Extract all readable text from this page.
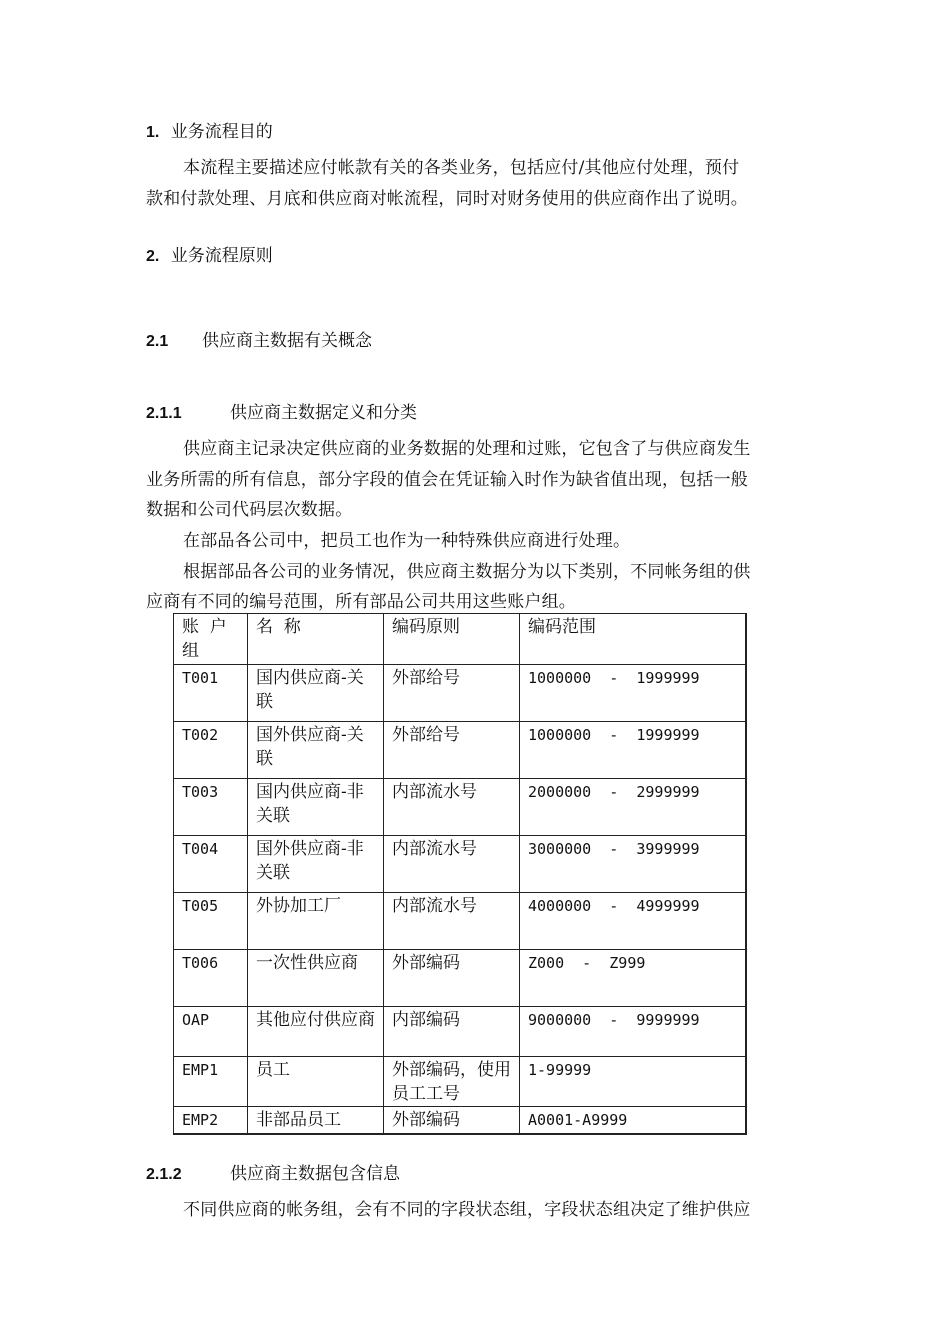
1. 业务流程目的
本流程主要描述应付帐款有关的各类业务，包括应付/其他应付处理，预付
款和付款处理、月底和供应商对帐流程，同时对财务使用的供应商作出了说明。
2. 业务流程原则
2.1 供应商主数据有关概念
2.1.1	供应商主数据定义和分类
供应商主记录决定供应商的业务数据的处理和过账，它包含了与供应商发生
业务所需的所有信息，部分字段的值会在凭证输入时作为缺省值出现，包括一般
数据和公司代码层次数据。
在部品各公司中，把员工也作为一种特殊供应商进行处理。
根据部品各公司的业务情况，供应商主数据分为以下类别，不同帐务组的供
应商有不同的编号范围，所有部品公司共用这些账户组。
账  户组	名  称	编码原则	编码范围
T001	国内供应商-关联	外部给号	1000000  -  1999999
T002	国外供应商-关联	外部给号	1000000  -  1999999
T003	国内供应商-非关联	内部流水号	2000000  -  2999999
T004	国外供应商-非关联	内部流水号	3000000  -  3999999
T005	外协加工厂	内部流水号	4000000  -  4999999
T006	一次性供应商	外部编码	Z000  -  Z999
OAP	其他应付供应商	内部编码	9000000  -  9999999
EMP1	员工	外部编码，使用员工工号	1-99999
EMP2	非部品员工	外部编码	A0001-A9999
2.1.2	供应商主数据包含信息
不同供应商的帐务组，会有不同的字段状态组，字段状态组决定了维护供应
